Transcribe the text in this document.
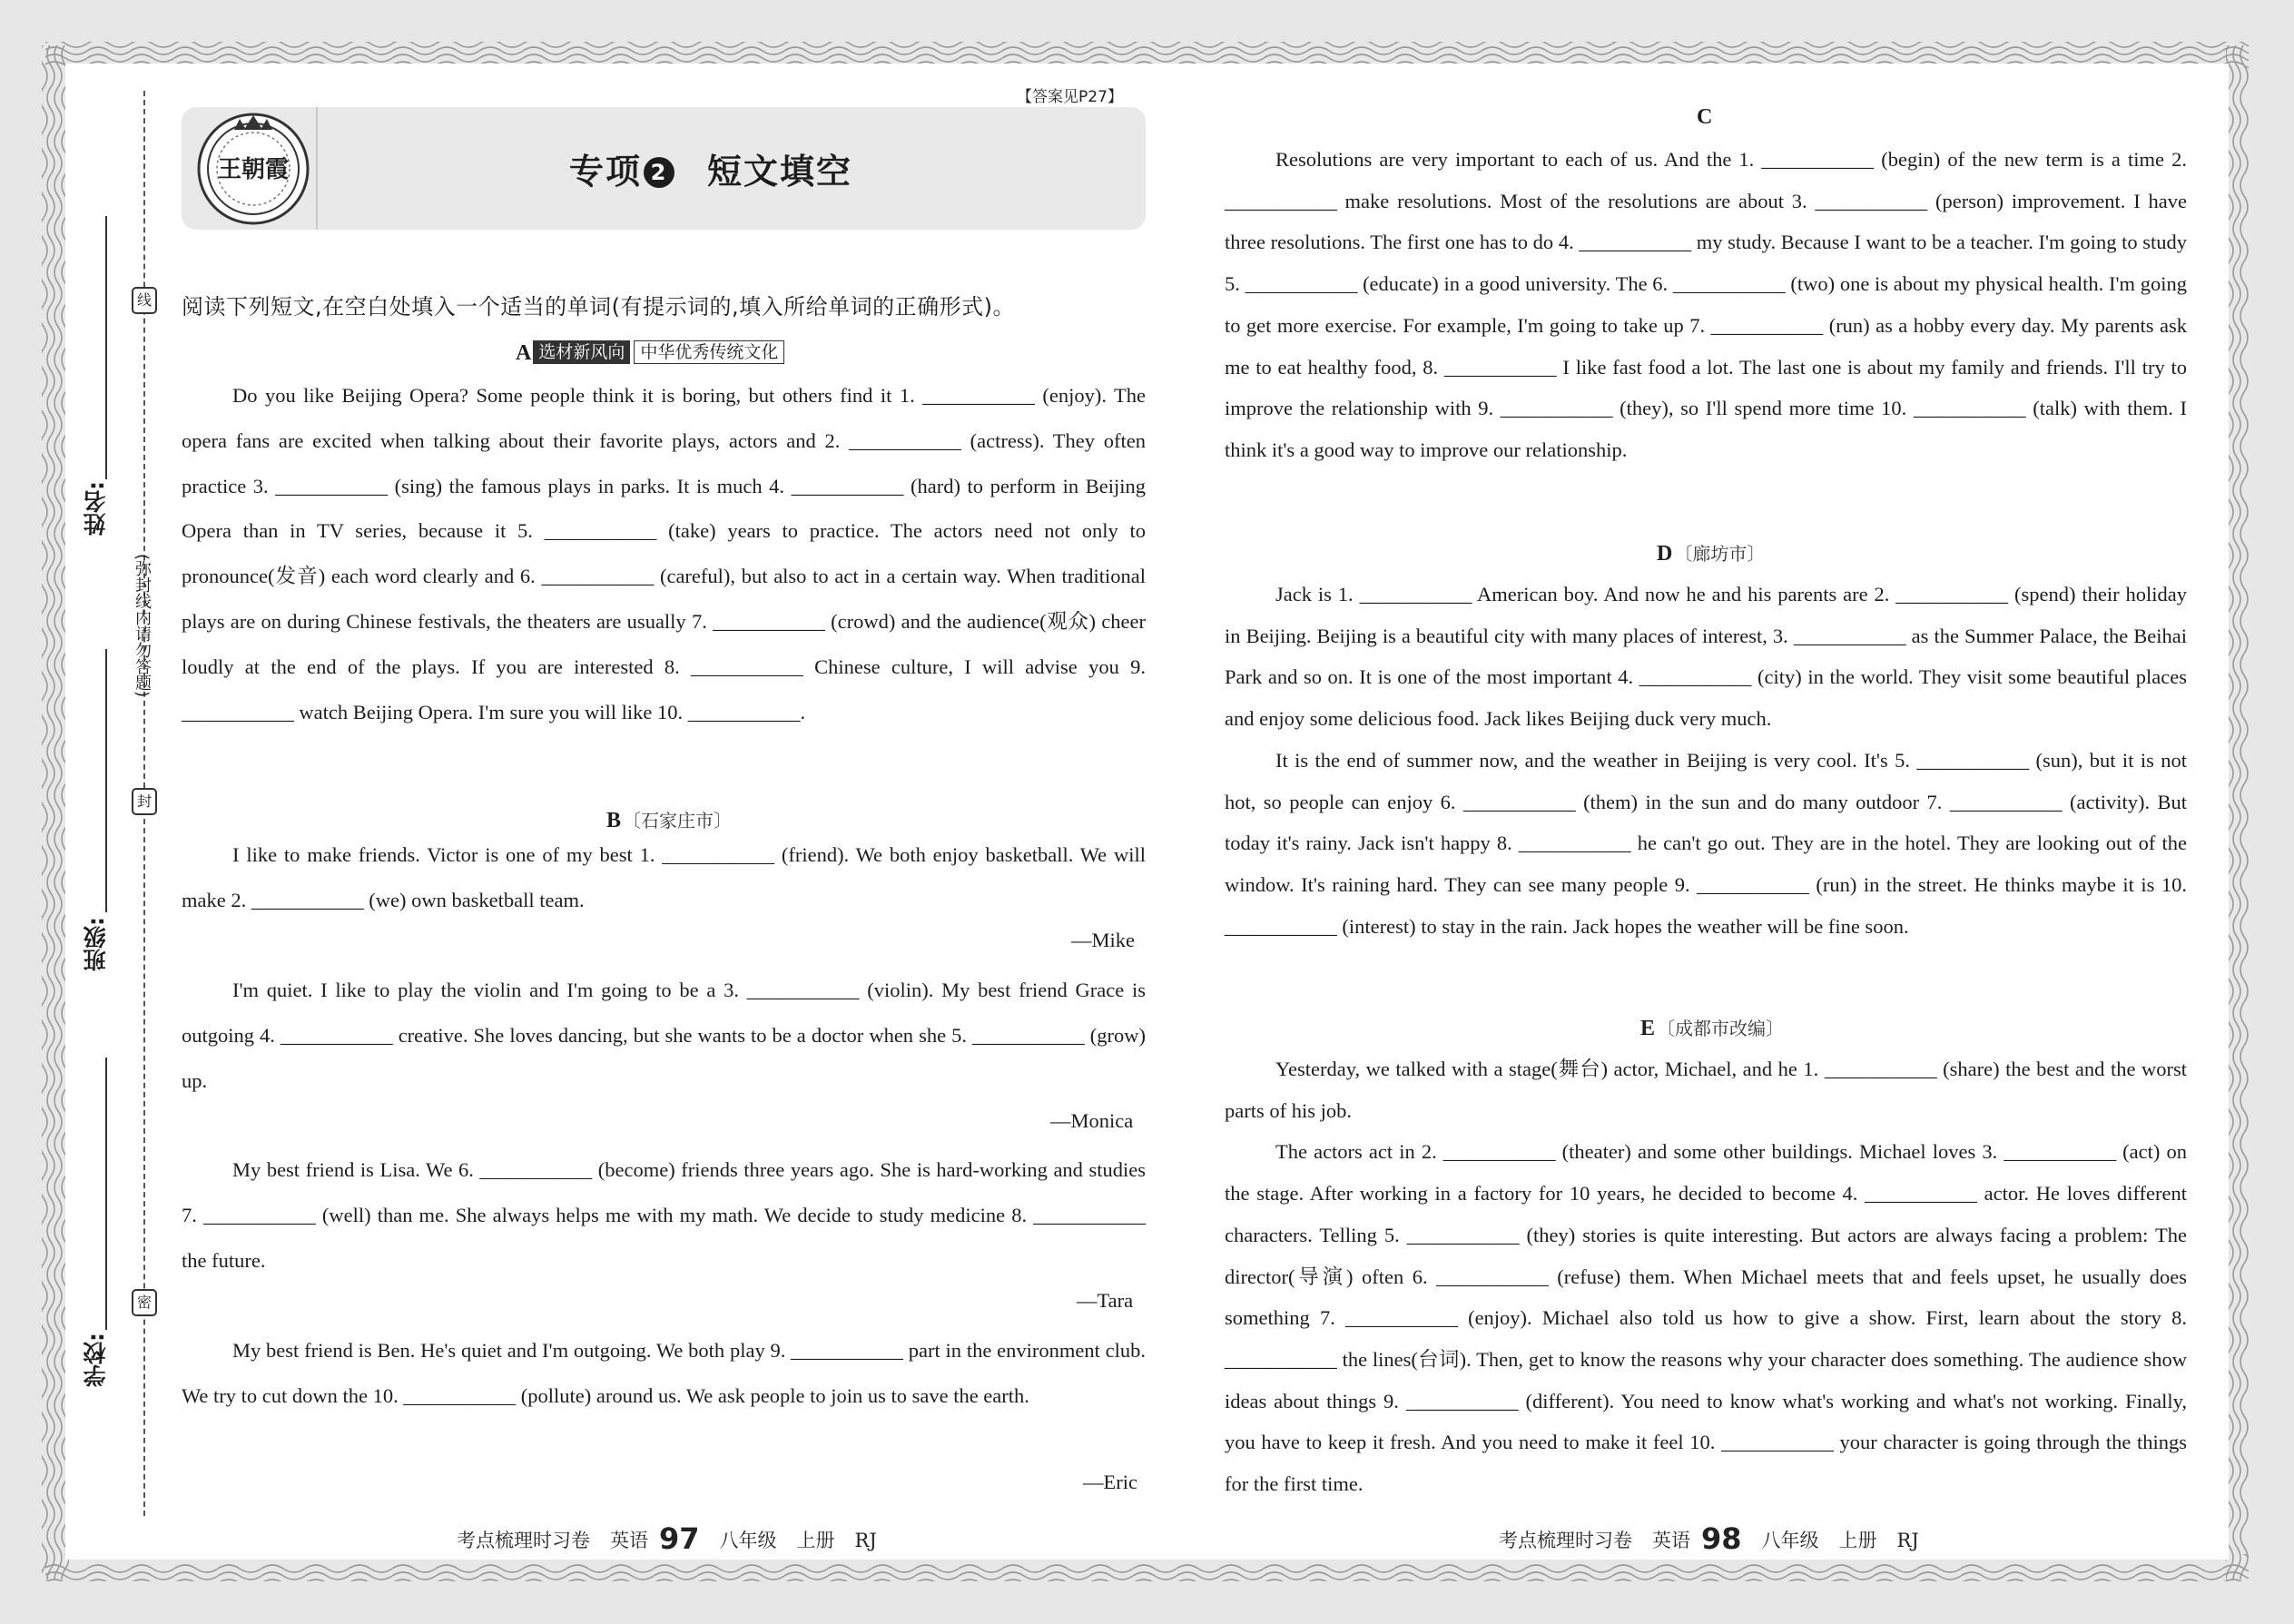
姓名:
班级:
学校:
线
封
密
(弥封线内请勿答题)
【答案见P27】
王朝霞	专项 2 短文填空
阅读下列短文,在空白处填入一个适当的单词(有提示词的,填入所给单词的正确形式)。
A 选材新风向 中华优秀传统文化

Do you like Beijing Opera? Some people think it is boring, but others find it 1. ___________ (enjoy). The opera fans are excited when talking about their favorite plays, actors and 2. ___________ (actress). They often practice 3. ___________ (sing) the famous plays in parks. It is much 4. ___________ (hard) to perform in Beijing Opera than in TV series, because it 5. ___________ (take) years to practice. The actors need not only to pronounce(发音) each word clearly and 6. ___________ (careful), but also to act in a certain way. When traditional plays are on during Chinese festivals, the theaters are usually 7. ___________ (crowd) and the audience(观众) cheer loudly at the end of the plays. If you are interested 8. ___________ Chinese culture, I will advise you 9. ___________ watch Beijing Opera. I'm sure you will like 10. ___________.

B 〔石家庄市〕

I like to make friends. Victor is one of my best 1. ___________ (friend). We both enjoy basketball. We will make 2. ___________ (we) own basketball team.

—Mike

I'm quiet. I like to play the violin and I'm going to be a 3. ___________ (violin). My best friend Grace is outgoing 4. ___________ creative. She loves dancing, but she wants to be a doctor when she 5. ___________ (grow) up.

—Monica

My best friend is Lisa. We 6. ___________ (become) friends three years ago. She is hard-working and studies 7. ___________ (well) than me. She always helps me with my math. We decide to study medicine 8. ___________ the future.

—Tara

My best friend is Ben. He's quiet and I'm outgoing. We both play 9. ___________ part in the environment club. We try to cut down the 10. ___________ (pollute) around us. We ask people to join us to save the earth.

—Eric
C

Resolutions are very important to each of us. And the 1. ___________ (begin) of the new term is a time 2. ___________ make resolutions. Most of the resolutions are about 3. ___________ (person) improvement. I have three resolutions. The first one has to do 4. ___________ my study. Because I want to be a teacher. I'm going to study 5. ___________ (educate) in a good university. The 6. ___________ (two) one is about my physical health. I'm going to get more exercise. For example, I'm going to take up 7. ___________ (run) as a hobby every day. My parents ask me to eat healthy food, 8. ___________ I like fast food a lot. The last one is about my family and friends. I'll try to improve the relationship with 9. ___________ (they), so I'll spend more time 10. ___________ (talk) with them. I think it's a good way to improve our relationship.

D 〔廊坊市〕

Jack is 1. ___________ American boy. And now he and his parents are 2. ___________ (spend) their holiday in Beijing. Beijing is a beautiful city with many places of interest, 3. ___________ as the Summer Palace, the Beihai Park and so on. It is one of the most important 4. ___________ (city) in the world. They visit some beautiful places and enjoy some delicious food. Jack likes Beijing duck very much.

It is the end of summer now, and the weather in Beijing is very cool. It's 5. ___________ (sun), but it is not hot, so people can enjoy 6. ___________ (them) in the sun and do many outdoor 7. ___________ (activity). But today it's rainy. Jack isn't happy 8. ___________ he can't go out. They are in the hotel. They are looking out of the window. It's raining hard. They can see many people 9. ___________ (run) in the street. He thinks maybe it is 10. ___________ (interest) to stay in the rain. Jack hopes the weather will be fine soon.

E 〔成都市改编〕

Yesterday, we talked with a stage(舞台) actor, Michael, and he 1. ___________ (share) the best and the worst parts of his job.

The actors act in 2. ___________ (theater) and some other buildings. Michael loves 3. ___________ (act) on the stage. After working in a factory for 10 years, he decided to become 4. ___________ actor. He loves different characters. Telling 5. ___________ (they) stories is quite interesting. But actors are always facing a problem: The director(导演) often 6. ___________ (refuse) them. When Michael meets that and feels upset, he usually does something 7. ___________ (enjoy). Michael also told us how to give a show. First, learn about the story 8. ___________ the lines(台词). Then, get to know the reasons why your character does something. The audience show ideas about things 9. ___________ (different). You need to know what's working and what's not working. Finally, you have to keep it fresh. And you need to make it feel 10. ___________ your character is going through the things for the first time.

考点梳理时习卷 英语 97 八年级 上册 RJ	考点梳理时习卷 英语 98 八年级 上册 RJ
